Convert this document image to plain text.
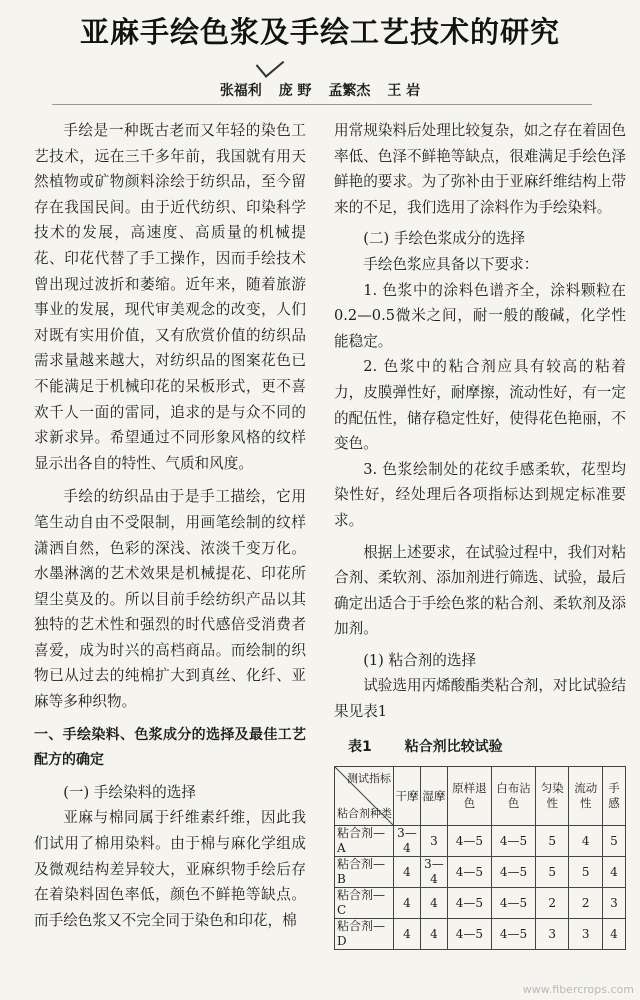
亚麻手绘色浆及手绘工艺技术的研究
张福利 庞 野 孟繁杰 王 岩

手绘是一种既古老而又年轻的染色工艺技术，远在三千多年前，我国就有用天然植物或矿物颜料涂绘于纺织品，至今留存在我国民间。由于近代纺织、印染科学技术的发展，高速度、高质量的机械提花、印花代替了手工操作，因而手绘技术曾出现过波折和萎缩。近年来，随着旅游事业的发展，现代审美观念的改变，人们对既有实用价值，又有欣赏价值的纺织品需求量越来越大，对纺织品的图案花色已不能满足于机械印花的呆板形式，更不喜欢千人一面的雷同，追求的是与众不同的求新求异。希望通过不同形象风格的纹样显示出各自的特性、气质和风度。

手绘的纺织品由于是手工描绘，它用笔生动自由不受限制，用画笔绘制的纹样潇洒自然，色彩的深浅、浓淡千变万化。水墨淋漓的艺术效果是机械提花、印花所望尘莫及的。所以目前手绘纺织产品以其独特的艺术性和强烈的时代感倍受消费者喜爱，成为时兴的高档商品。而绘制的织物已从过去的纯棉扩大到真丝、化纤、亚麻等多种织物。

一、手绘染料、色浆成分的选择及最佳工艺配方的确定

(一) 手绘染料的选择

亚麻与棉同属于纤维素纤维，因此我们试用了棉用染料。由于棉与麻化学组成及微观结构差异较大，亚麻织物手绘后存在着染料固色率低，颜色不鲜艳等缺点。而手绘色浆又不完全同于染色和印花，棉

用常规染料后处理比较复杂，如之存在着固色率低、色泽不鲜艳等缺点，很难满足手绘色泽鲜艳的要求。为了弥补由于亚麻纤维结构上带来的不足，我们选用了涂料作为手绘染料。

(二) 手绘色浆成分的选择

手绘色浆应具备以下要求：

1. 色浆中的涂料色谱齐全，涂料颗粒在0.2—0.5微米之间，耐一般的酸碱，化学性能稳定。

2. 色浆中的粘合剂应具有较高的粘着力，皮膜弹性好，耐摩擦，流动性好，有一定的配伍性，储存稳定性好，使得花色艳丽，不变色。

3. 色浆绘制处的花纹手感柔软，花型均染性好，经处理后各项指标达到规定标准要求。

根据上述要求，在试验过程中，我们对粘合剂、柔软剂、添加剂进行筛选、试验，最后确定出适合于手绘色浆的粘合剂、柔软剂及添加剂。

(1) 粘合剂的选择

试验选用丙烯酸酯类粘合剂，对比试验结果见表1

表1 粘合剂比较试验

测试指标
粘合剂种类	干摩	湿摩	原样退色	白布沾色	匀染性	流动性	手感
粘合剂—A	3—4	3	4—5	4—5	5	4	5
粘合剂—B	4	3—4	4—5	4—5	5	5	4
粘合剂—C	4	4	4—5	4—5	2	2	3
粘合剂—D	4	4	4—5	4—5	3	3	4
www.fibercrops.com
